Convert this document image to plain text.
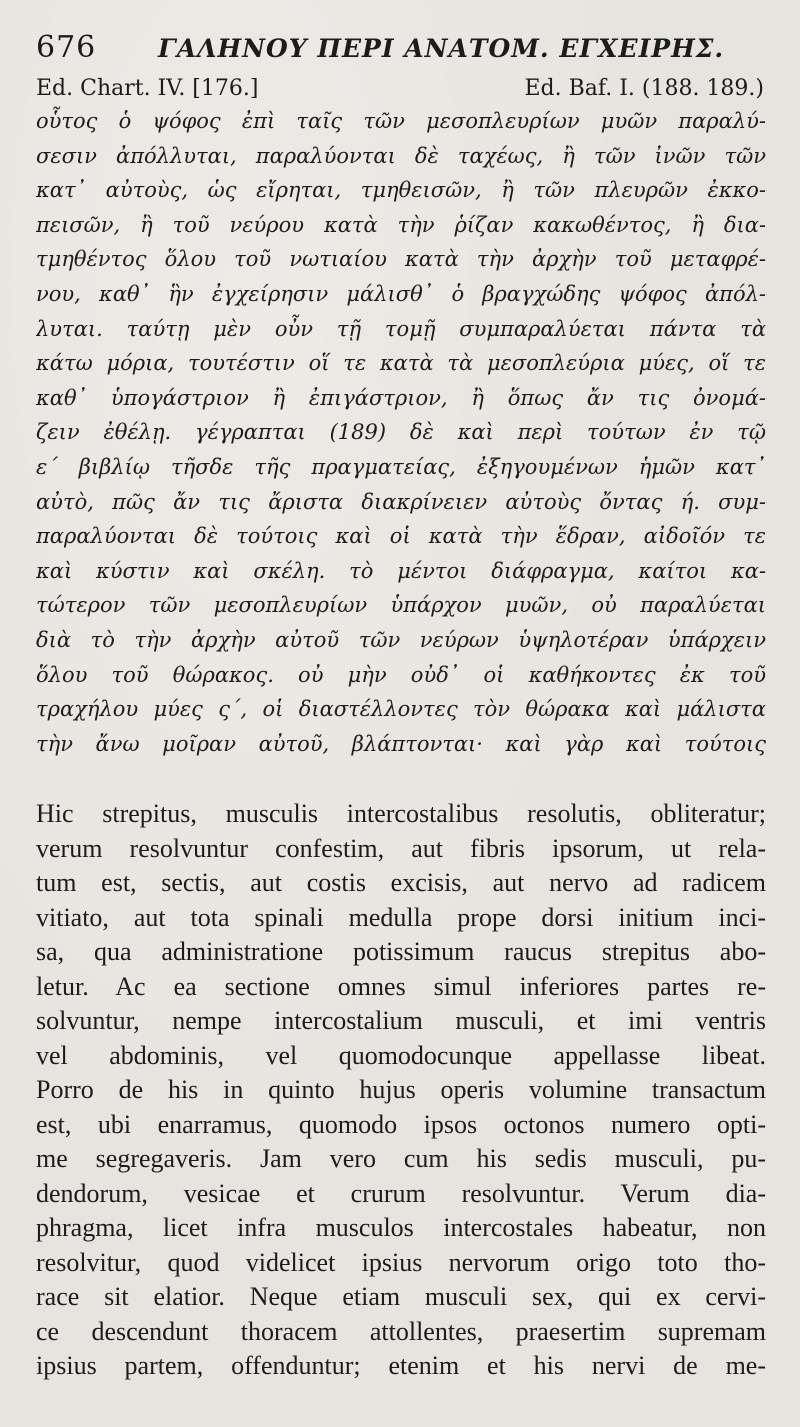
676 ΓΑΛΗΝΟΥ ΠΕΡΙ ΑΝΑΤΟΜ. ΕΓΧΕΙΡΗΣ.
Ed. Chart. IV. [176.]	Ed. Baf. I. (188. 189.)
οὗτος ὁ ψόφος ἐπὶ ταῖς τῶν μεσοπλευρίων μυῶν παραλύ-
σεσιν ἀπόλλυται, παραλύονται δὲ ταχέως, ἢ τῶν ἰνῶν τῶν
κατ᾽ αὐτοὺς, ὡς εἴρηται, τμηθεισῶν, ἢ τῶν πλευρῶν ἐκκο-
πεισῶν, ἢ τοῦ νεύρου κατὰ τὴν ῥίζαν κακωθέντος, ἢ δια-
τμηθέντος ὅλου τοῦ νωτιαίου κατὰ τὴν ἀρχὴν τοῦ μεταφρέ-
νου, καθ᾽ ἣν ἐγχείρησιν μάλισθ᾽ ὁ βραγχώδης ψόφος ἀπόλ-
λυται. ταύτῃ μὲν οὖν τῇ τομῇ συμπαραλύεται πάντα τὰ
κάτω μόρια, τουτέστιν οἵ τε κατὰ τὰ μεσοπλεύρια μύες, οἵ τε
καθ᾽ ὑπογάστριον ἢ ἐπιγάστριον, ἢ ὅπως ἄν τις ὀνομά-
ζειν ἐθέλῃ. γέγραπται (189) δὲ καὶ περὶ τούτων ἐν τῷ
ε΄ βιβλίῳ τῆσδε τῆς πραγματείας, ἐξηγουμένων ἡμῶν κατ᾽
αὐτὸ, πῶς ἄν τις ἄριστα διακρίνειεν αὐτοὺς ὄντας ή. συμ-
παραλύονται δὲ τούτοις καὶ οἱ κατὰ τὴν ἕδραν, αἰδοῖόν τε
καὶ κύστιν καὶ σκέλη. τὸ μέντοι διάφραγμα, καίτοι κα-
τώτερον τῶν μεσοπλευρίων ὑπάρχον μυῶν, οὐ παραλύεται
διὰ τὸ τὴν ἀρχὴν αὐτοῦ τῶν νεύρων ὑψηλοτέραν ὑπάρχειν
ὅλου τοῦ θώρακος. οὐ μὴν οὐδ᾽ οἱ καθήκοντες ἐκ τοῦ
τραχήλου μύες ς΄, οἱ διαστέλλοντες τὸν θώρακα καὶ μάλιστα
τὴν ἄνω μοῖραν αὐτοῦ, βλάπτονται· καὶ γὰρ καὶ τούτοις
Hic strepitus, musculis intercostalibus resolutis, obliteratur;
verum resolvuntur confestim, aut fibris ipsorum, ut rela-
tum est, sectis, aut costis excisis, aut nervo ad radicem
vitiato, aut tota spinali medulla prope dorsi initium inci-
sa, qua administratione potissimum raucus strepitus abo-
letur. Ac ea sectione omnes simul inferiores partes re-
solvuntur, nempe intercostalium musculi, et imi ventris
vel abdominis, vel quomodocunque appellasse libeat.
Porro de his in quinto hujus operis volumine transactum
est, ubi enarramus, quomodo ipsos octonos numero opti-
me segregaveris. Jam vero cum his sedis musculi, pu-
dendorum, vesicae et crurum resolvuntur. Verum dia-
phragma, licet infra musculos intercostales habeatur, non
resolvitur, quod videlicet ipsius nervorum origo toto tho-
race sit elatior. Neque etiam musculi sex, qui ex cervi-
ce descendunt thoracem attollentes, praesertim supremam
ipsius partem, offenduntur; etenim et his nervi de me-
